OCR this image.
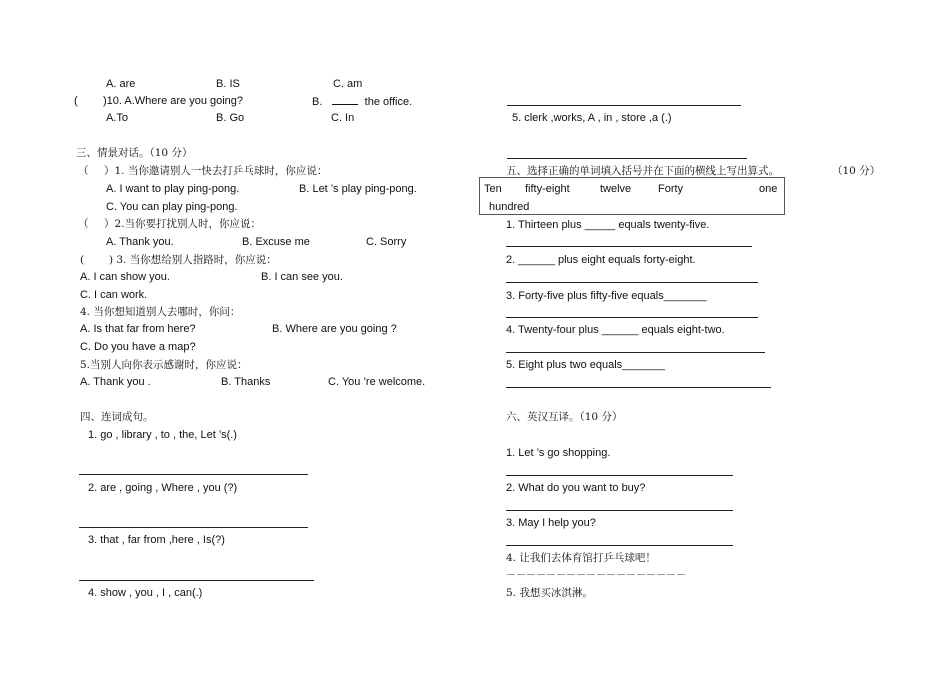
A. are	B. IS	C. am
( )10. A.Where are you going?	B.	the office.
A.To	B. Go	C. In
三、情景对话。（10 分）
（ ）1. 当你邀请别人一快去打乒乓球时，你应说：
A. I want to play ping-pong.	B. Let ’s play ping-pong.
C. You can play ping-pong.
（ ）2.当你要打扰别人时，你应说：
A. Thank you.	B. Excuse me	C. Sorry
( ) 3. 当你想给别人指路时，你应说：
A. I can show you.	B. I can see you.
C. I can work.
4. 当你想知道别人去哪时，你问：
A. Is that far from here?	B. Where are you going ?
C. Do you have a map?
5.当别人向你表示感谢时，你应说：
A. Thank you .	B. Thanks	C. You ’re welcome.
四、连词成句。
1. go , library , to , the, Let ’s(.)
2. are , going , Where , you (?)
3. that , far from ,here , Is(?)
4. show , you , I , can(.)
5. clerk ,works, A , in , store ,a (.)
五、选择正确的单词填入括号并在下面的横线上写出算式。	（10 分）
Ten fifty-eight	twelve Forty	one
hundred
1. Thirteen plus _____ equals twenty-five.
2. ______ plus eight equals forty-eight.
3. Forty-five plus fifty-five equals_______
4. Twenty-four plus ______ equals eight-two.
5. Eight plus two equals_______
六、英汉互译。（10 分）
1. Let ’s go shopping.
2. What do you want to buy?
3. May I help you?
4. 让我们去体育馆打乒乓球吧！
－－－－－－－－－－－－－－－－－－
5. 我想买冰淇淋。
